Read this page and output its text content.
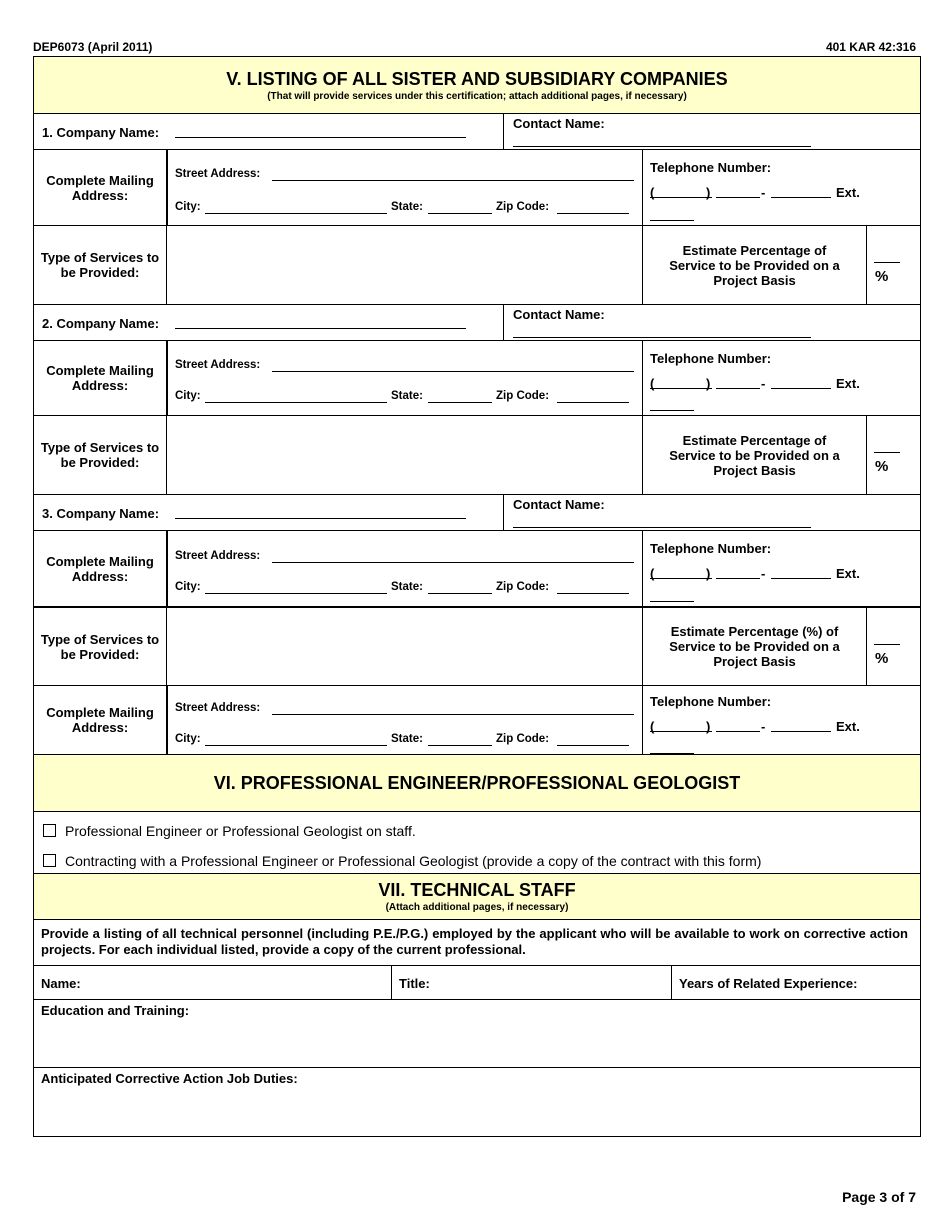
DEP6073 (April 2011)	401 KAR 42:316
V. LISTING OF ALL SISTER AND SUBSIDIARY COMPANIES
(That will provide services under this certification; attach additional pages, if necessary)
1. Company Name:
Contact Name:
Complete Mailing Address:
Street Address:
City:	State:	Zip Code:
Telephone Number:
(	)	-	Ext.
Type of Services to be Provided:
Estimate Percentage of Service to be Provided on a Project Basis	%
2. Company Name:
Contact Name:
Complete Mailing Address:
Street Address:
City:	State:	Zip Code:
Telephone Number:
(	)	-	Ext.
Type of Services to be Provided:
Estimate Percentage of Service to be Provided on a Project Basis	%
3. Company Name:
Contact Name:
Complete Mailing Address:
Street Address:
City:	State:	Zip Code:
Telephone Number:
(	)	-	Ext.
Type of Services to be Provided:
Estimate Percentage (%) of Service to be Provided on a Project Basis	%
Complete Mailing Address:
Street Address:
City:	State:	Zip Code:
Telephone Number:
(	)	-	Ext.
VI. PROFESSIONAL ENGINEER/PROFESSIONAL GEOLOGIST
Professional Engineer or Professional Geologist on staff.
Contracting with a Professional Engineer or Professional Geologist (provide a copy of the contract with this form)
VII. TECHNICAL STAFF
(Attach additional pages, if necessary)
Provide a listing of all technical personnel (including P.E./P.G.) employed by the applicant who will be available to work on corrective action projects. For each individual listed, provide a copy of the current professional.
Name:	Title:	Years of Related Experience:
Education and Training:
Anticipated Corrective Action Job Duties:
Page 3 of 7
